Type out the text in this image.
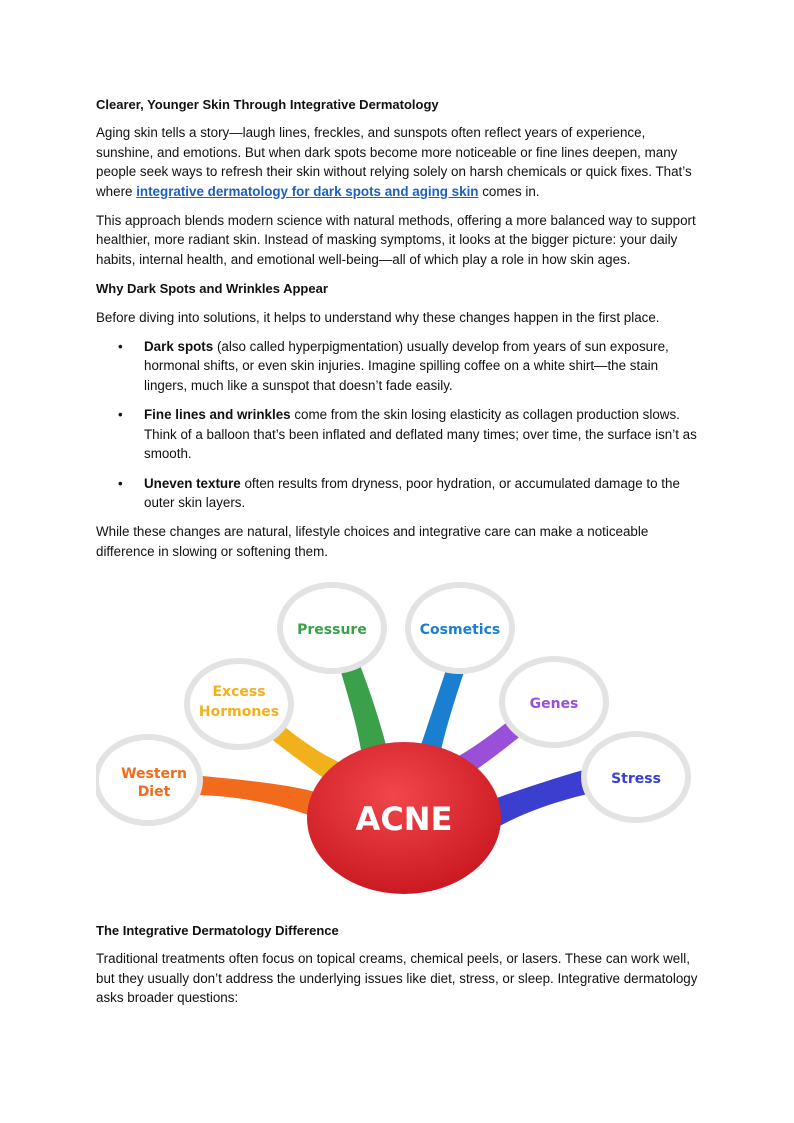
Clearer, Younger Skin Through Integrative Dermatology

Aging skin tells a story—laugh lines, freckles, and sunspots often reflect years of experience, sunshine, and emotions. But when dark spots become more noticeable or fine lines deepen, many people seek ways to refresh their skin without relying solely on harsh chemicals or quick fixes. That’s where integrative dermatology for dark spots and aging skin comes in.

This approach blends modern science with natural methods, offering a more balanced way to support healthier, more radiant skin. Instead of masking symptoms, it looks at the bigger picture: your daily habits, internal health, and emotional well-being—all of which play a role in how skin ages.

Why Dark Spots and Wrinkles Appear

Before diving into solutions, it helps to understand why these changes happen in the first place.

• Dark spots (also called hyperpigmentation) usually develop from years of sun exposure, hormonal shifts, or even skin injuries. Imagine spilling coffee on a white shirt—the stain lingers, much like a sunspot that doesn’t fade easily.
• Fine lines and wrinkles come from the skin losing elasticity as collagen production slows. Think of a balloon that’s been inflated and deflated many times; over time, the surface isn’t as smooth.
• Uneven texture often results from dryness, poor hydration, or accumulated damage to the outer skin layers.

While these changes are natural, lifestyle choices and integrative care can make a noticeable difference in slowing or softening them.

ACNE
Western
Diet
Excess
Hormones
Pressure	Cosmetics
Genes
Stress
The Integrative Dermatology Difference

Traditional treatments often focus on topical creams, chemical peels, or lasers. These can work well, but they usually don’t address the underlying issues like diet, stress, or sleep. Integrative dermatology asks broader questions:
